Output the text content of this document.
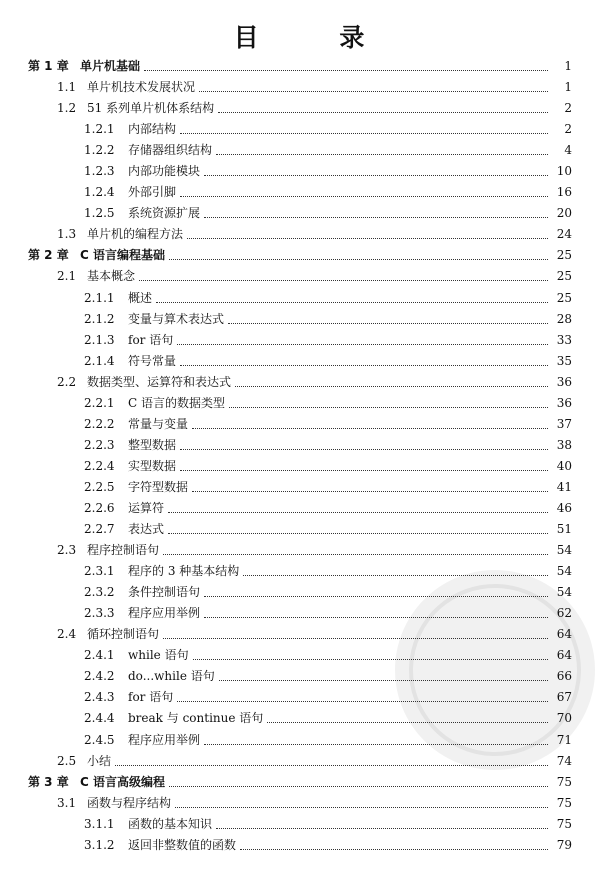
目 录
第 1 章 单片机基础	1
1.1 单片机技术发展状况	1
1.2 51 系列单片机体系结构	2
1.2.1	内部结构	2
1.2.2	存储器组织结构	4
1.2.3	内部功能模块	10
1.2.4	外部引脚	16
1.2.5	系统资源扩展	20
1.3 单片机的编程方法	24
第 2 章 C 语言编程基础	25
2.1 基本概念	25
2.1.1	概述	25
2.1.2	变量与算术表达式	28
2.1.3	for 语句	33
2.1.4	符号常量	35
2.2 数据类型、运算符和表达式	36
2.2.1	C 语言的数据类型	36
2.2.2	常量与变量	37
2.2.3	整型数据	38
2.2.4	实型数据	40
2.2.5	字符型数据	41
2.2.6	运算符	46
2.2.7	表达式	51
2.3 程序控制语句	54
2.3.1	程序的 3 种基本结构	54
2.3.2	条件控制语句	54
2.3.3	程序应用举例	62
2.4 循环控制语句	64
2.4.1	while 语句	64
2.4.2	do...while 语句	66
2.4.3	for 语句	67
2.4.4	break 与 continue 语句	70
2.4.5	程序应用举例	71
2.5 小结	74
第 3 章 C 语言高级编程	75
3.1 函数与程序结构	75
3.1.1	函数的基本知识	75
3.1.2	返回非整数值的函数	79
